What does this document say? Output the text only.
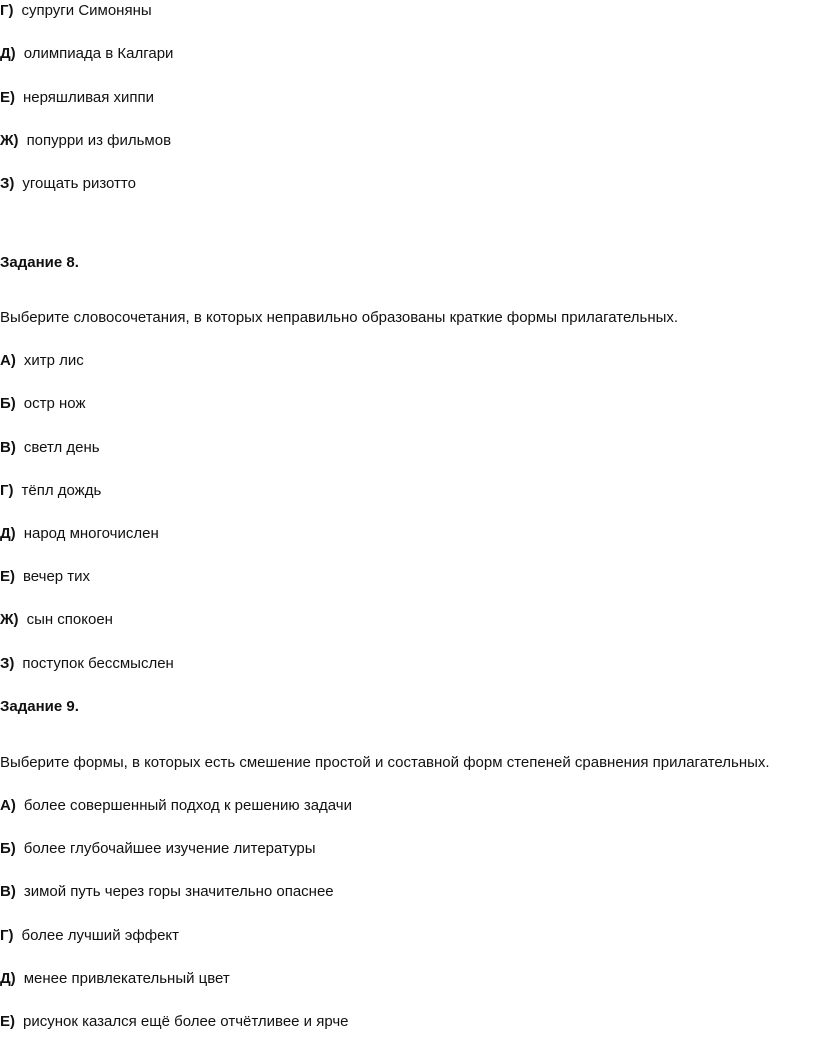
Г) супруги Симоняны
Д) олимпиада в Калгари
Е) неряшливая хиппи
Ж) попурри из фильмов
З) угощать ризотто
Задание 8.
Выберите словосочетания, в которых неправильно образованы краткие формы прилагательных.
А) хитр лис
Б) остр нож
В) светл день
Г) тёпл дождь
Д) народ многочислен
Е) вечер тих
Ж) сын спокоен
З) поступок бессмыслен
Задание 9.
Выберите формы, в которых есть смешение простой и составной форм степеней сравнения прилагательных.
А) более совершенный подход к решению задачи
Б) более глубочайшее изучение литературы
В) зимой путь через горы значительно опаснее
Г) более лучший эффект
Д) менее привлекательный цвет
Е) рисунок казался ещё более отчётливее и ярче
